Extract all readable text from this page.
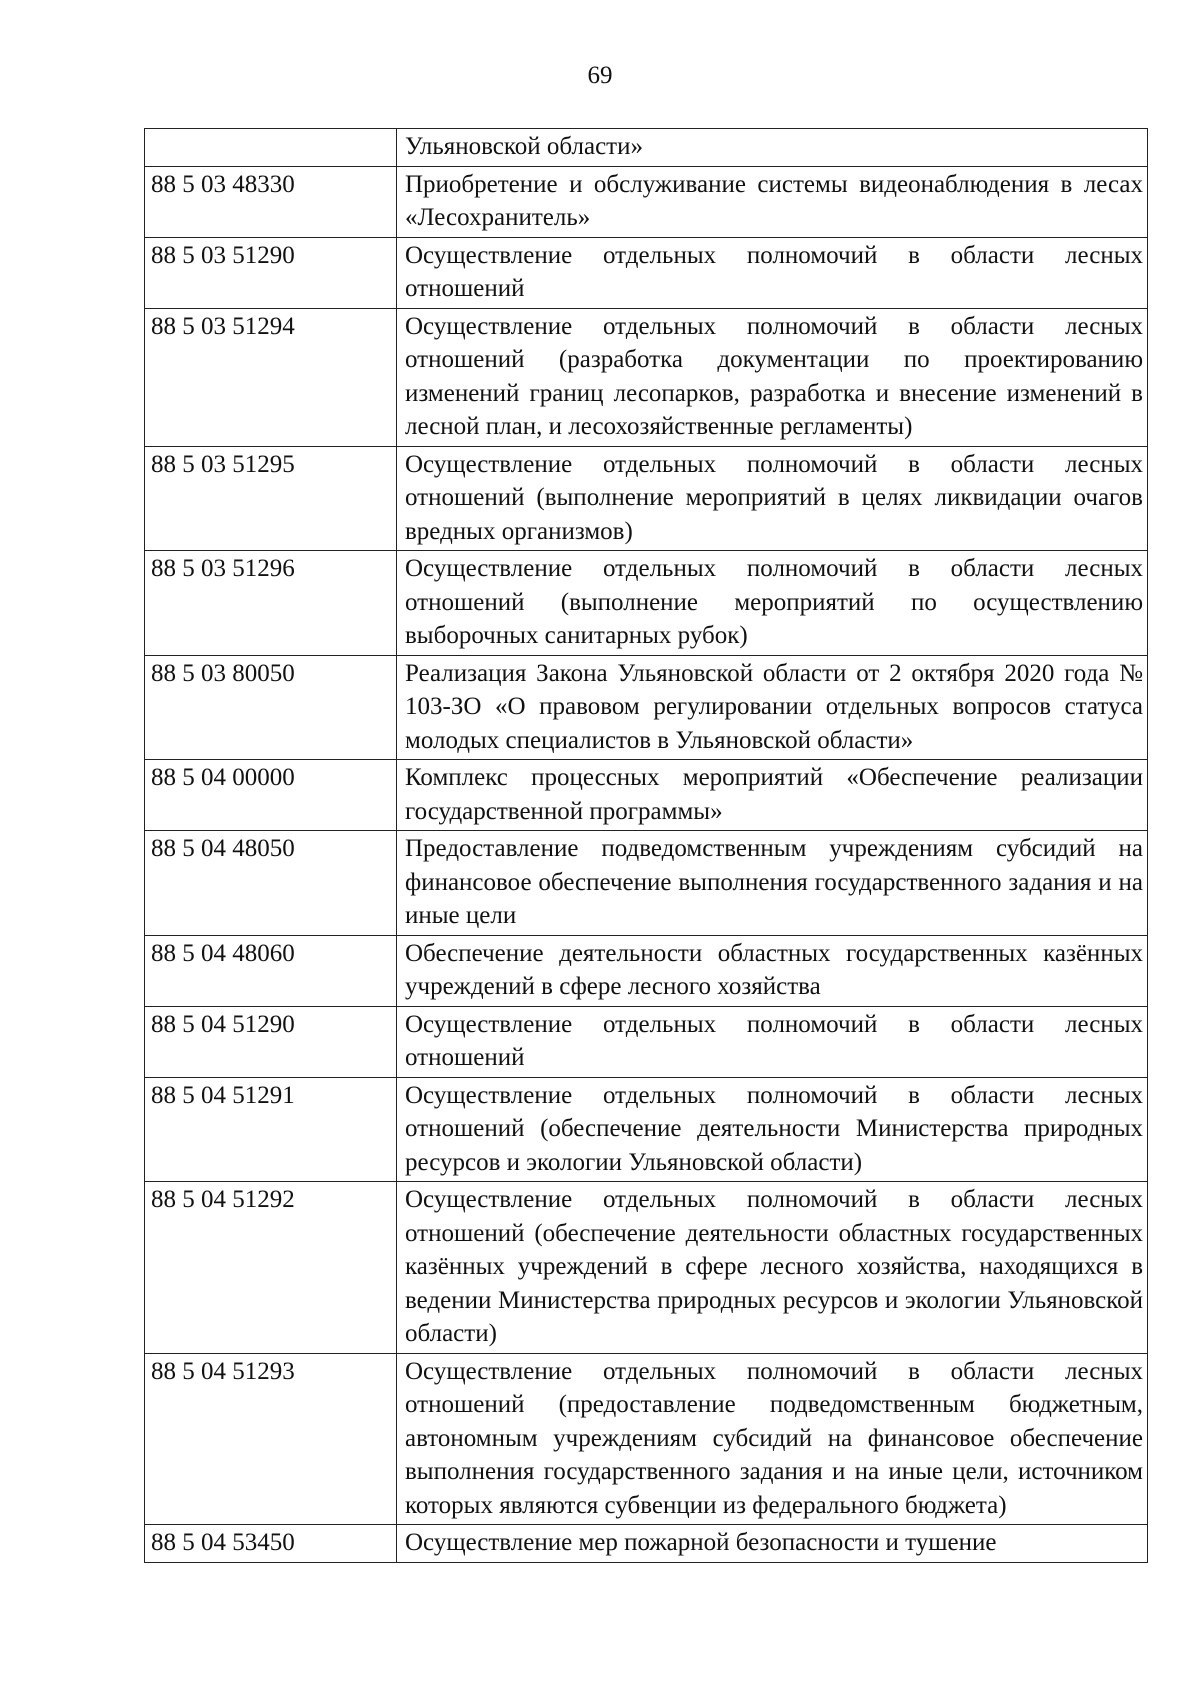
69
	Ульяновской области»
88 5 03 48330	Приобретение и обслуживание системы видеонаблюдения в лесах «Лесохранитель»
88 5 03 51290	Осуществление отдельных полномочий в области лесных отношений
88 5 03 51294	Осуществление отдельных полномочий в области лесных отношений (разработка документации по проектированию изменений границ лесопарков, разработка и внесение изменений в лесной план, и лесохозяйственные регламенты)
88 5 03 51295	Осуществление отдельных полномочий в области лесных отношений (выполнение мероприятий в целях ликвидации очагов вредных организмов)
88 5 03 51296	Осуществление отдельных полномочий в области лесных отношений (выполнение мероприятий по осуществлению выборочных санитарных рубок)
88 5 03 80050	Реализация Закона Ульяновской области от 2 октября 2020 года № 103-ЗО «О правовом регулировании отдельных вопросов статуса молодых специалистов в Ульяновской области»
88 5 04 00000	Комплекс процессных мероприятий «Обеспечение реализации государственной программы»
88 5 04 48050	Предоставление подведомственным учреждениям субсидий на финансовое обеспечение выполнения государственного задания и на иные цели
88 5 04 48060	Обеспечение деятельности областных государственных казённых учреждений в сфере лесного хозяйства
88 5 04 51290	Осуществление отдельных полномочий в области лесных отношений
88 5 04 51291	Осуществление отдельных полномочий в области лесных отношений (обеспечение деятельности Министерства природных ресурсов и экологии Ульяновской области)
88 5 04 51292	Осуществление отдельных полномочий в области лесных отношений (обеспечение деятельности областных государственных казённых учреждений в сфере лесного хозяйства, находящихся в ведении Министерства природных ресурсов и экологии Ульяновской области)
88 5 04 51293	Осуществление отдельных полномочий в области лесных отношений (предоставление подведомственным бюджетным, автономным учреждениям субсидий на финансовое обеспечение выполнения государственного задания и на иные цели, источником которых являются субвенции из федерального бюджета)
88 5 04 53450	Осуществление мер пожарной безопасности и тушение
